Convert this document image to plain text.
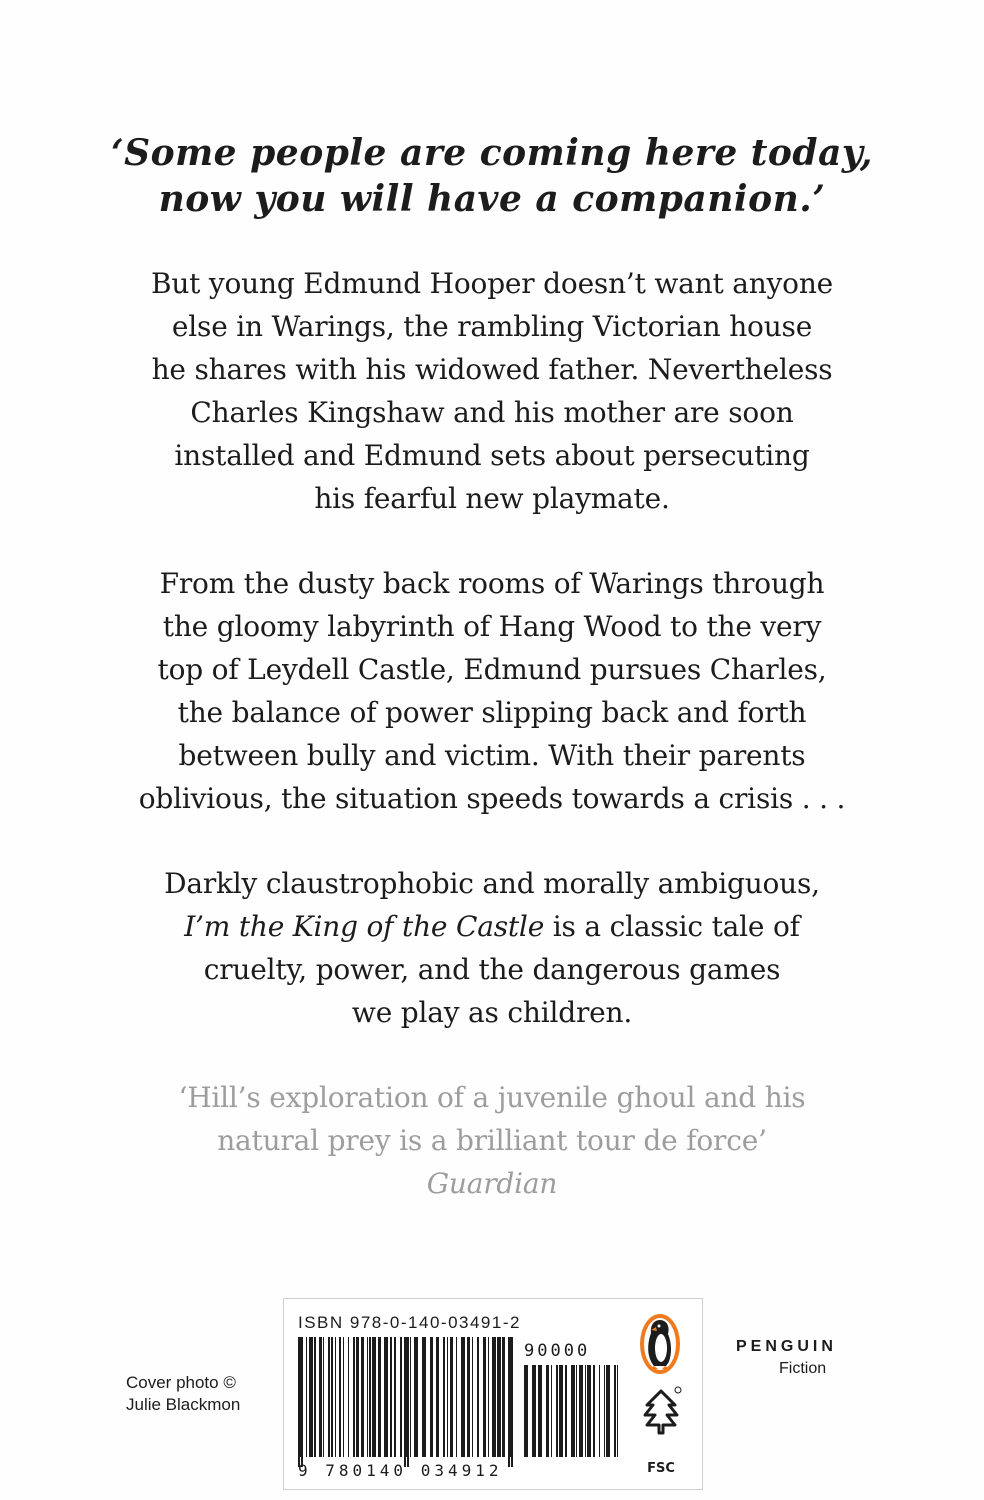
‘Some people are coming here today,
now you will have a companion.’
But young Edmund Hooper doesn’t want anyone
else in Warings, the rambling Victorian house
he shares with his widowed father. Nevertheless
Charles Kingshaw and his mother are soon
installed and Edmund sets about persecuting
his fearful new playmate.
From the dusty back rooms of Warings through
the gloomy labyrinth of Hang Wood to the very
top of Leydell Castle, Edmund pursues Charles,
the balance of power slipping back and forth
between bully and victim. With their parents
oblivious, the situation speeds towards a crisis . . .
Darkly claustrophobic and morally ambiguous,
I’m the King of the Castle is a classic tale of
cruelty, power, and the dangerous games
we play as children.
‘Hill’s exploration of a juvenile ghoul and his
natural prey is a brilliant tour de force’
Guardian
Cover photo ©
Julie Blackmon
ISBN 978-0-140-03491-2
90000
9 780140 034912	FSC
PENGUIN
Fiction
